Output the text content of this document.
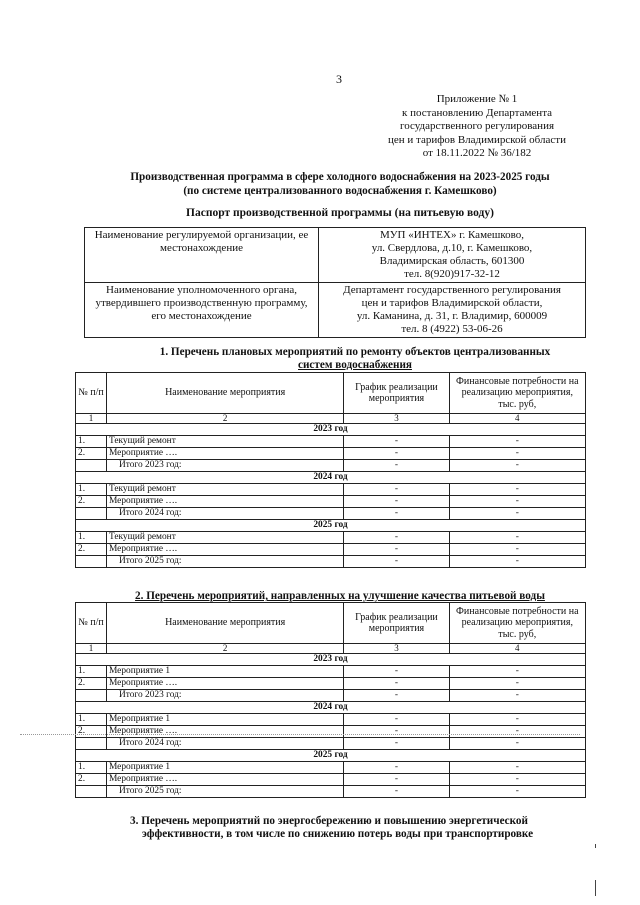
3
Приложение № 1
к постановлению Департамента
государственного регулирования
цен и тарифов Владимирской области
от 18.11.2022 № 36/182
Производственная программа в сфере холодного водоснабжения на 2023-2025 годы
(по системе централизованного водоснабжения г. Камешково)
Паспорт производственной программы (на питьевую воду)
Наименование регулируемой организации, ее местонахождение	МУП «ИНТЕХ» г. Камешково,
ул. Свердлова, д.10, г. Камешково,
Владимирская область, 601300
тел. 8(920)917-32-12

Наименование уполномоченного органа, утвердившего производственную программу, его местонахождение	Департамент государственного регулирования
цен и тарифов Владимирской области,
ул. Каманина, д. 31, г. Владимир, 600009
тел. 8 (4922) 53-06-26
1. Перечень плановых мероприятий по ремонту объектов централизованных
систем водоснабжения
№ п/п	Наименование мероприятия	График реализации мероприятия	Финансовые потребности на реализацию мероприятия, тыс. руб,
1	2	3	4
2023 год			
1.	Текущий ремонт	-	-
2.	Мероприятие ….	-	-
	Итого 2023 год:	-	-
2024 год			
1.	Текущий ремонт	-	-
2.	Мероприятие ….	-	-
	Итого 2024 год:	-	-
2025 год			
1.	Текущий ремонт	-	-
2.	Мероприятие ….	-	-
	Итого 2025 год:	-	-
2. Перечень мероприятий, направленных на улучшение качества питьевой воды
№ п/п	Наименование мероприятия	График реализации мероприятия	Финансовые потребности на реализацию мероприятия, тыс. руб,
1	2	3	4
2023 год			
1.	Мероприятие 1	-	-
2.	Мероприятие ….	-	-
	Итого 2023 год:	-	-
2024 год			
1.	Мероприятие 1	-	-
2.	Мероприятие ….	-	-
	Итого 2024 год:	-	-
2025 год			
1.	Мероприятие 1	-	-
2.	Мероприятие ….	-	-
	Итого 2025 год:	-	-
3. Перечень мероприятий по энергосбережению и повышению энергетической
эффективности, в том числе по снижению потерь воды при транспортировке
